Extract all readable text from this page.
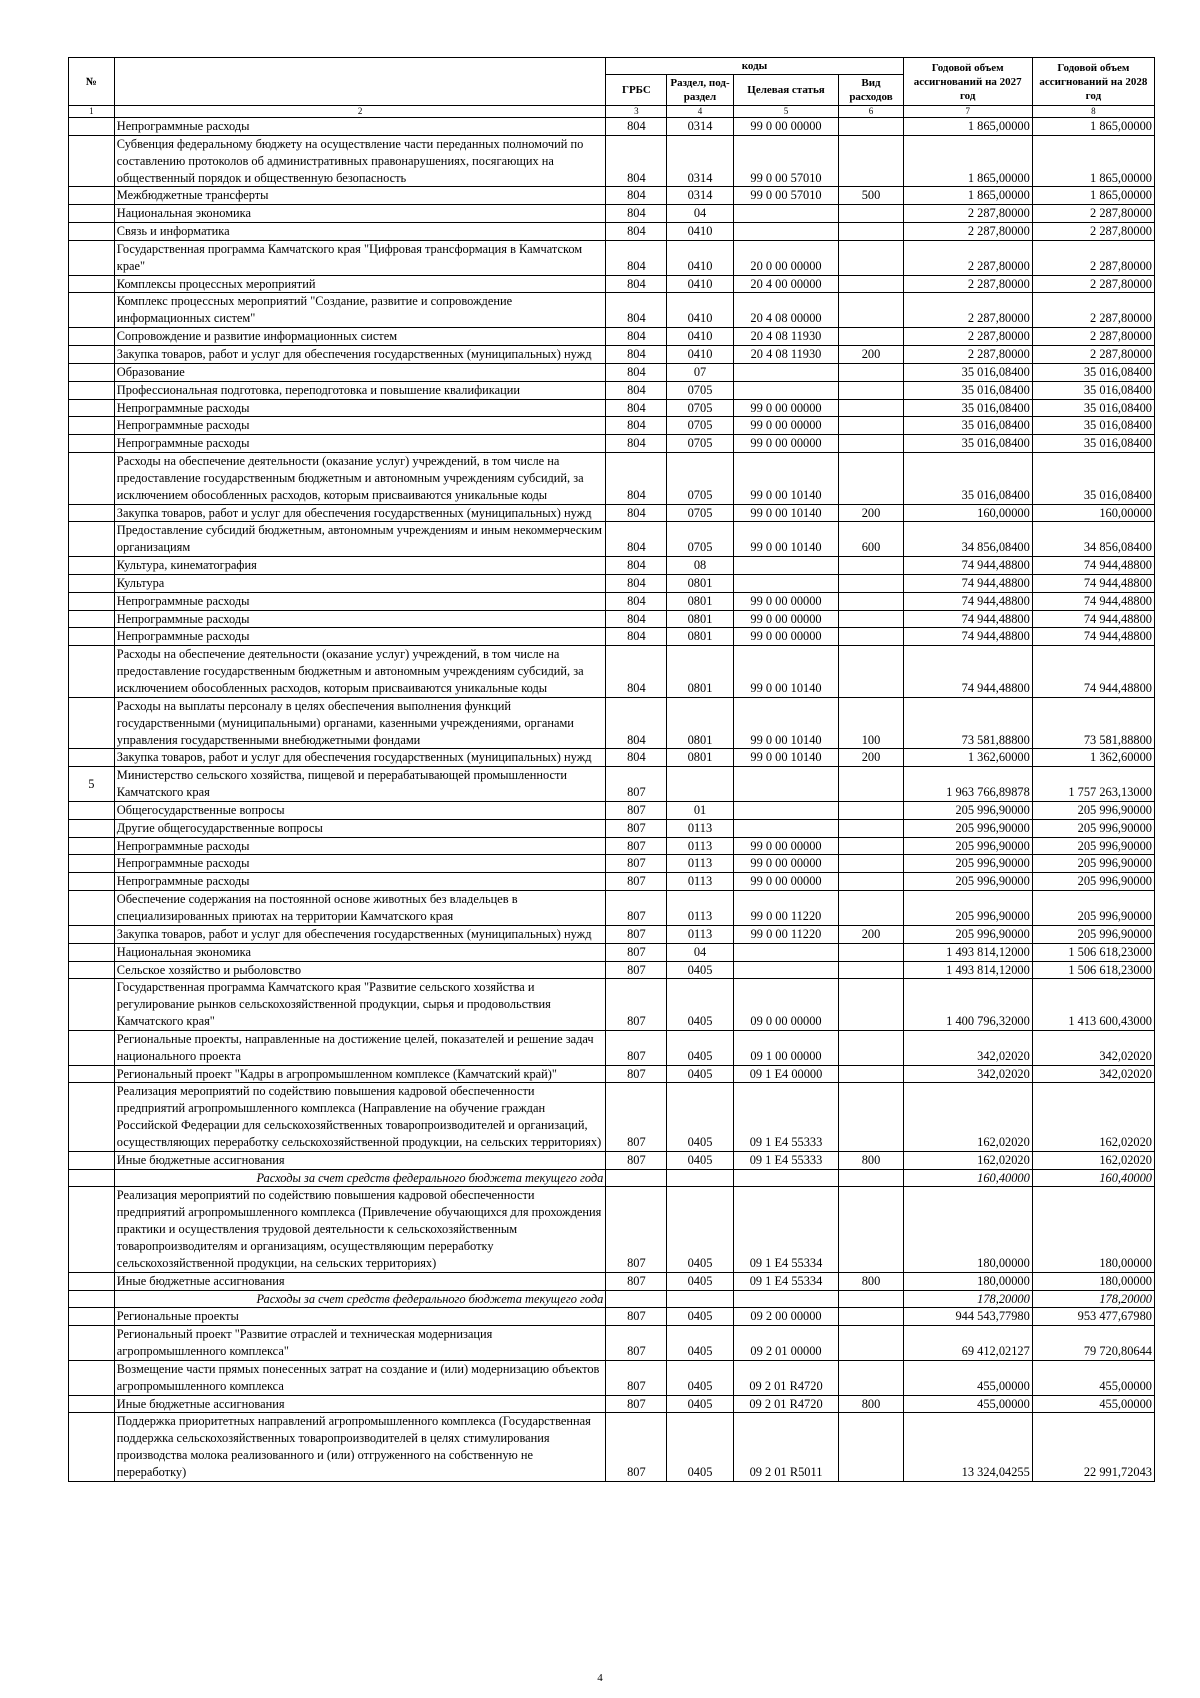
№		коды				Годовой объем ассигнований на 2027 год	Годовой объем ассигнований на 2028 год
		ГРБС	Раздел, под-раздел	Целевая статья	Вид расходов		
1	2	3	4	5	6	7	8
	Непрограммные расходы	804	0314	99 0 00 00000		1 865,00000	1 865,00000
	Субвенция федеральному бюджету на осуществление части переданных полномочий по составлению протоколов об административных правонарушениях, посягающих на общественный порядок и общественную безопасность	804	0314	99 0 00 57010		1 865,00000	1 865,00000
	Межбюджетные трансферты	804	0314	99 0 00 57010	500	1 865,00000	1 865,00000
	Национальная экономика	804	04			2 287,80000	2 287,80000
	Связь и информатика	804	0410			2 287,80000	2 287,80000
	Государственная программа Камчатского края "Цифровая трансформация в Камчатском крае"	804	0410	20 0 00 00000		2 287,80000	2 287,80000
	Комплексы процессных мероприятий	804	0410	20 4 00 00000		2 287,80000	2 287,80000
	Комплекс процессных мероприятий "Создание, развитие и сопровождение информационных систем"	804	0410	20 4 08 00000		2 287,80000	2 287,80000
	Сопровождение и развитие информационных систем	804	0410	20 4 08 11930		2 287,80000	2 287,80000
	Закупка товаров, работ и услуг для обеспечения государственных (муниципальных) нужд	804	0410	20 4 08 11930	200	2 287,80000	2 287,80000
	Образование	804	07			35 016,08400	35 016,08400
	Профессиональная подготовка, переподготовка и повышение квалификации	804	0705			35 016,08400	35 016,08400
	Непрограммные расходы	804	0705	99 0 00 00000		35 016,08400	35 016,08400
	Непрограммные расходы	804	0705	99 0 00 00000		35 016,08400	35 016,08400
	Непрограммные расходы	804	0705	99 0 00 00000		35 016,08400	35 016,08400
	Расходы на обеспечение деятельности (оказание услуг) учреждений, в том числе на предоставление государственным бюджетным и автономным учреждениям субсидий, за исключением обособленных расходов, которым присваиваются уникальные коды	804	0705	99 0 00 10140		35 016,08400	35 016,08400
	Закупка товаров, работ и услуг для обеспечения государственных (муниципальных) нужд	804	0705	99 0 00 10140	200	160,00000	160,00000
	Предоставление субсидий бюджетным, автономным учреждениям и иным некоммерческим организациям	804	0705	99 0 00 10140	600	34 856,08400	34 856,08400
	Культура, кинематография	804	08			74 944,48800	74 944,48800
	Культура	804	0801			74 944,48800	74 944,48800
	Непрограммные расходы	804	0801	99 0 00 00000		74 944,48800	74 944,48800
	Непрограммные расходы	804	0801	99 0 00 00000		74 944,48800	74 944,48800
	Непрограммные расходы	804	0801	99 0 00 00000		74 944,48800	74 944,48800
	Расходы на обеспечение деятельности (оказание услуг) учреждений, в том числе на предоставление государственным бюджетным и автономным учреждениям субсидий, за исключением обособленных расходов, которым присваиваются уникальные коды	804	0801	99 0 00 10140		74 944,48800	74 944,48800
	Расходы на выплаты персоналу в целях обеспечения выполнения функций государственными (муниципальными) органами, казенными учреждениями, органами управления государственными внебюджетными фондами	804	0801	99 0 00 10140	100	73 581,88800	73 581,88800
	Закупка товаров, работ и услуг для обеспечения государственных (муниципальных) нужд	804	0801	99 0 00 10140	200	1 362,60000	1 362,60000
5	Министерство сельского хозяйства, пищевой и перерабатывающей промышленности Камчатского края	807				1 963 766,89878	1 757 263,13000
	Общегосударственные вопросы	807	01			205 996,90000	205 996,90000
	Другие общегосударственные вопросы	807	0113			205 996,90000	205 996,90000
	Непрограммные расходы	807	0113	99 0 00 00000		205 996,90000	205 996,90000
	Непрограммные расходы	807	0113	99 0 00 00000		205 996,90000	205 996,90000
	Непрограммные расходы	807	0113	99 0 00 00000		205 996,90000	205 996,90000
	Обеспечение содержания на постоянной основе животных без владельцев в специализированных приютах на территории Камчатского края	807	0113	99 0 00 11220		205 996,90000	205 996,90000
	Закупка товаров, работ и услуг для обеспечения государственных (муниципальных) нужд	807	0113	99 0 00 11220	200	205 996,90000	205 996,90000
	Национальная экономика	807	04			1 493 814,12000	1 506 618,23000
	Сельское хозяйство и рыболовство	807	0405			1 493 814,12000	1 506 618,23000
	Государственная программа Камчатского края "Развитие сельского хозяйства и регулирование рынков сельскохозяйственной продукции, сырья и продовольствия Камчатского края"	807	0405	09 0 00 00000		1 400 796,32000	1 413 600,43000
	Региональные проекты, направленные на достижение целей, показателей и решение задач национального проекта	807	0405	09 1 00 00000		342,02020	342,02020
	Региональный проект "Кадры в агропромышленном комплексе (Камчатский край)"	807	0405	09 1 E4 00000		342,02020	342,02020
	Реализация мероприятий по содействию повышения кадровой обеспеченности предприятий агропромышленного комплекса (Направление на обучение граждан Российской Федерации для сельскохозяйственных товаропроизводителей и организаций, осуществляющих переработку сельскохозяйственной продукции, на сельских территориях)	807	0405	09 1 E4 55333		162,02020	162,02020
	Иные бюджетные ассигнования	807	0405	09 1 E4 55333	800	162,02020	162,02020
	Расходы за счет средств федерального бюджета текущего года					160,40000	160,40000
	Реализация мероприятий по содействию повышения кадровой обеспеченности предприятий агропромышленного комплекса (Привлечение обучающихся для прохождения практики и осуществления трудовой деятельности к сельскохозяйственным товаропроизводителям и организациям, осуществляющим переработку сельскохозяйственной продукции, на сельских территориях)	807	0405	09 1 E4 55334		180,00000	180,00000
	Иные бюджетные ассигнования	807	0405	09 1 E4 55334	800	180,00000	180,00000
	Расходы за счет средств федерального бюджета текущего года					178,20000	178,20000
	Региональные проекты	807	0405	09 2 00 00000		944 543,77980	953 477,67980
	Региональный проект "Развитие отраслей и техническая модернизация агропромышленного комплекса"	807	0405	09 2 01 00000		69 412,02127	79 720,80644
	Возмещение части прямых понесенных затрат на создание и (или) модернизацию объектов агропромышленного комплекса	807	0405	09 2 01 R4720		455,00000	455,00000
	Иные бюджетные ассигнования	807	0405	09 2 01 R4720	800	455,00000	455,00000
	Поддержка приоритетных направлений агропромышленного комплекса (Государственная поддержка сельскохозяйственных товаропроизводителей в целях стимулирования производства молока реализованного и (или) отгруженного на собственную не переработку)	807	0405	09 2 01 R5011		13 324,04255	22 991,72043
4
